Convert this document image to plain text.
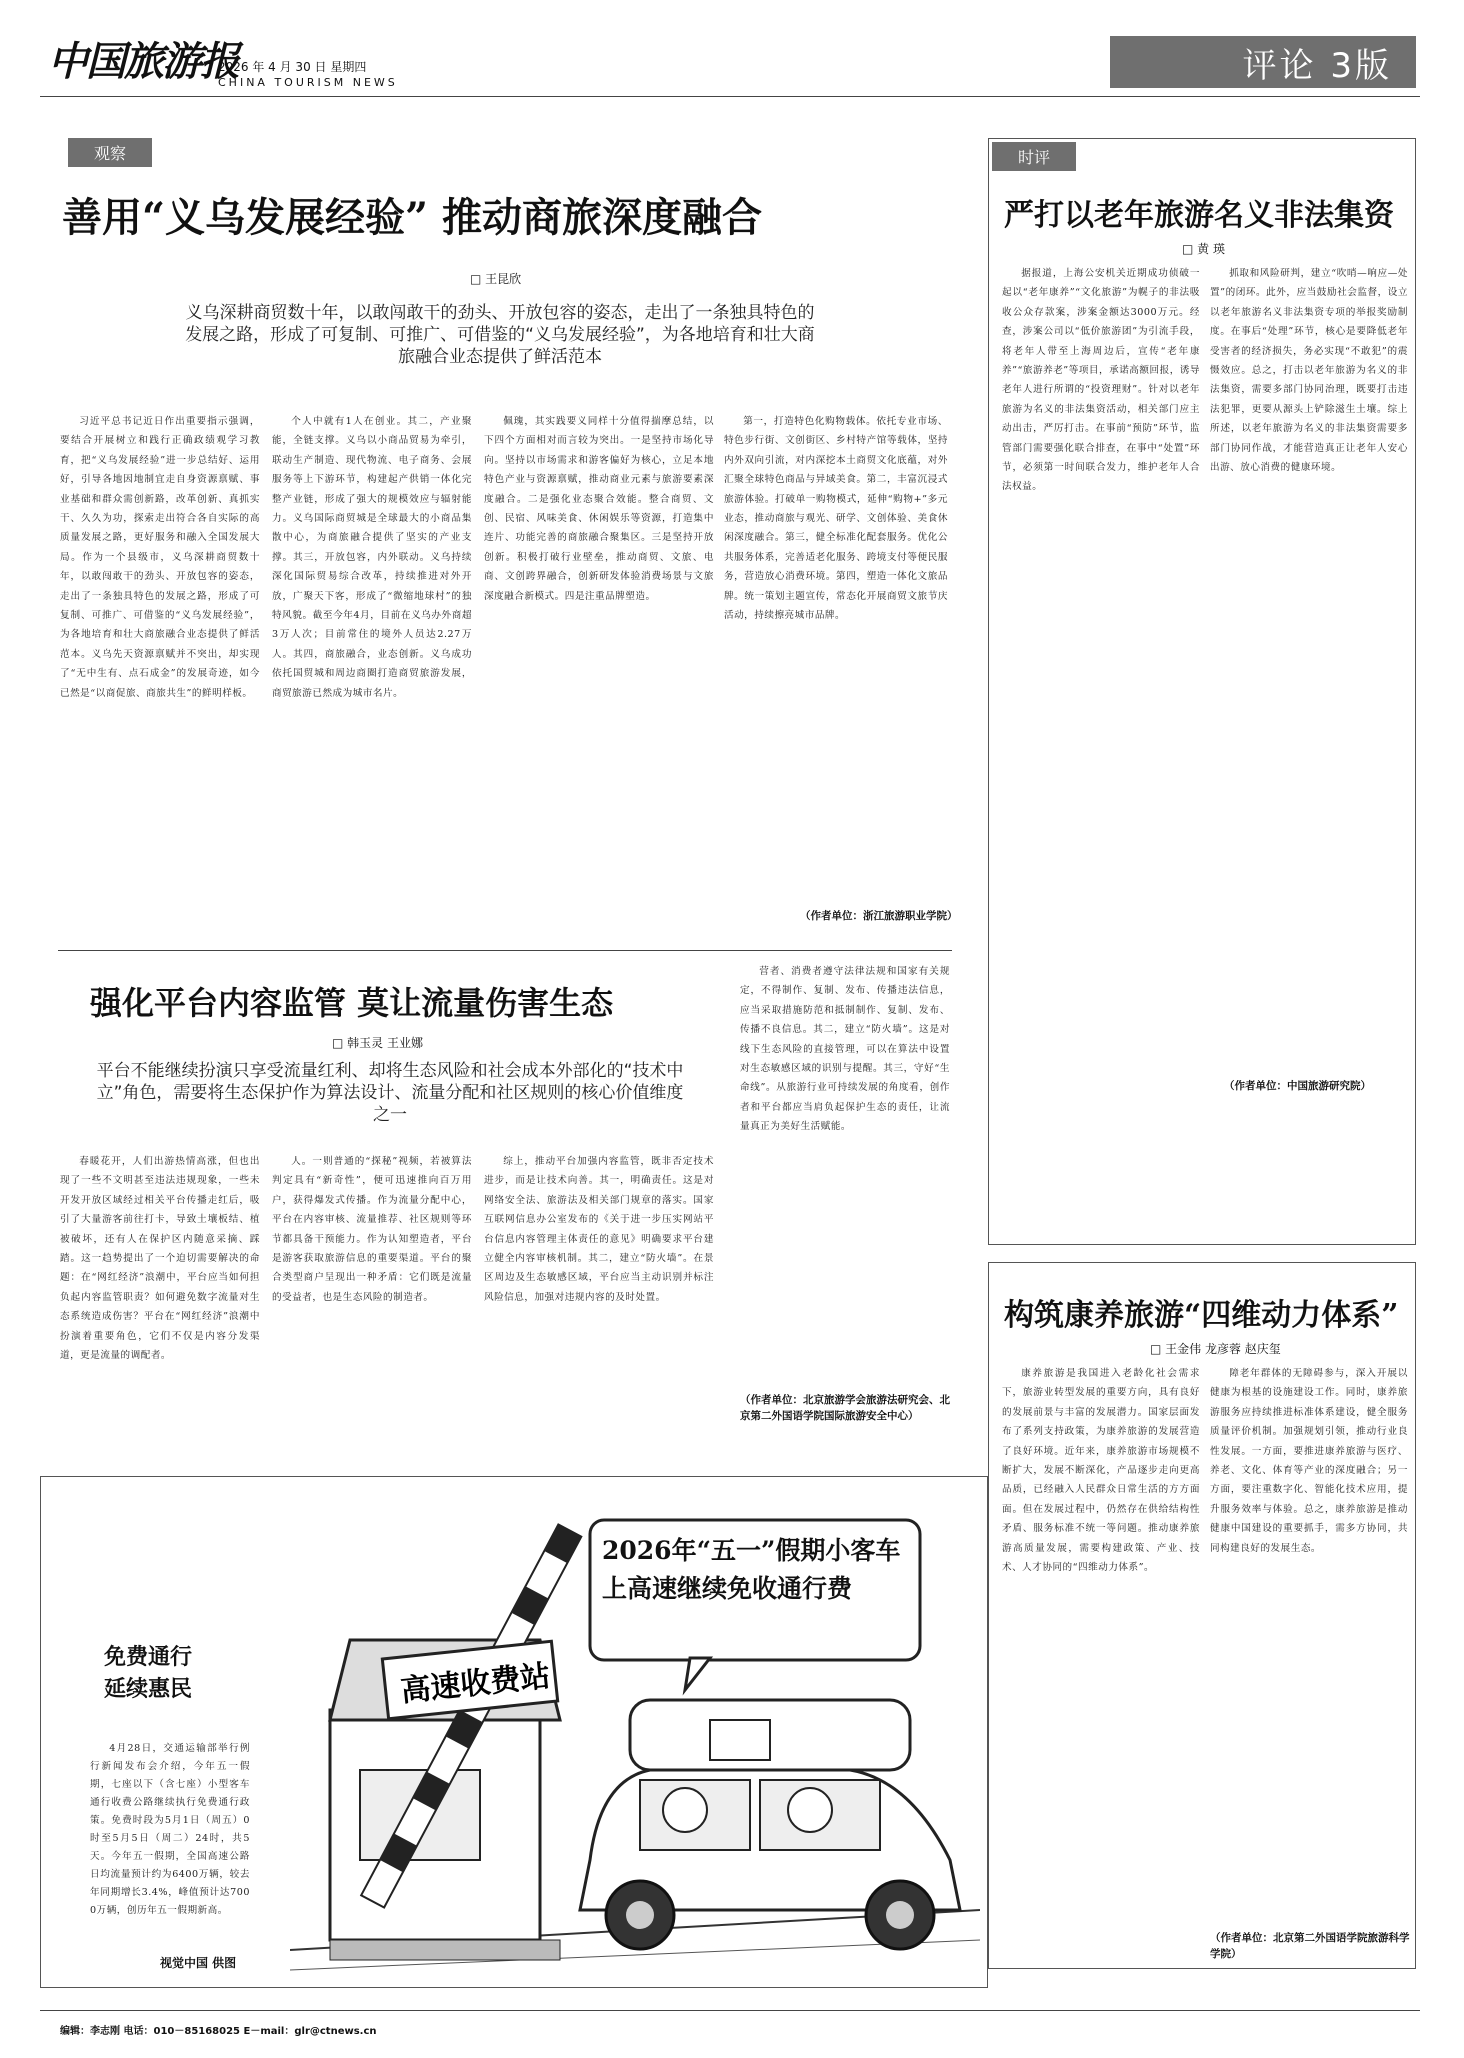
中国旅游报
2026 年 4 月 30 日 星期四
CHINA TOURISM NEWS	评论 3版
观察
善用“义乌发展经验” 推动商旅深度融合
□ 王昆欣
义乌深耕商贸数十年，以敢闯敢干的劲头、开放包容的姿态，走出了一条独具特色的发展之路，形成了可复制、可推广、可借鉴的“义乌发展经验”，为各地培育和壮大商旅融合业态提供了鲜活范本

习近平总书记近日作出重要指示强调，要结合开展树立和践行正确政绩观学习教育，把“义乌发展经验”进一步总结好、运用好，引导各地因地制宜走自身资源禀赋、事业基础和群众需创新路，改革创新、真抓实干、久久为功，探索走出符合各自实际的高质量发展之路，更好服务和融入全国发展大局。作为一个县级市，义乌深耕商贸数十年，以敢闯敢干的劲头、开放包容的姿态，走出了一条独具特色的发展之路，形成了可复制、可推广、可借鉴的“义乌发展经验”，为各地培育和壮大商旅融合业态提供了鲜活范本。义乌先天资源禀赋并不突出，却实现了“无中生有、点石成金”的发展奇迹，如今已然是“以商促旅、商旅共生”的鲜明样板。

个人中就有1人在创业。其二，产业聚能，全链支撑。义乌以小商品贸易为牵引，联动生产制造、现代物流、电子商务、会展服务等上下游环节，构建起产供销一体化完整产业链，形成了强大的规模效应与辐射能力。义乌国际商贸城是全球最大的小商品集散中心，为商旅融合提供了坚实的产业支撑。其三，开放包容，内外联动。义乌持续深化国际贸易综合改革，持续推进对外开放，广聚天下客，形成了“微缩地球村”的独特风貌。截至今年4月，目前在义乌办外商超3万人次；目前常住的境外人员达2.27万人。其四，商旅融合，业态创新。义乌成功依托国贸城和周边商圈打造商贸旅游发展，商贸旅游已然成为城市名片。

佩瑰，其实践要义同样十分值得揣摩总结，以下四个方面相对而言较为突出。一是坚持市场化导向。坚持以市场需求和游客偏好为核心，立足本地特色产业与资源禀赋，推动商业元素与旅游要素深度融合。二是强化业态聚合效能。整合商贸、文创、民宿、风味美食、休闲娱乐等资源，打造集中连片、功能完善的商旅融合聚集区。三是坚持开放创新。积极打破行业壁垒，推动商贸、文旅、电商、文创跨界融合，创新研发体验消费场景与文旅深度融合新模式。四是注重品牌塑造。

第一，打造特色化购物载体。依托专业市场、特色步行街、文创街区、乡村特产馆等载体，坚持内外双向引流，对内深挖本土商贸文化底蕴，对外汇聚全球特色商品与异域美食。第二，丰富沉浸式旅游体验。打破单一购物模式，延伸“购物+”多元业态，推动商旅与观光、研学、文创体验、美食休闲深度融合。第三，健全标准化配套服务。优化公共服务体系，完善适老化服务、跨境支付等便民服务，营造放心消费环境。第四，塑造一体化文旅品牌。统一策划主题宣传，常态化开展商贸文旅节庆活动，持续擦亮城市品牌。

（作者单位：浙江旅游职业学院）
时评
严打以老年旅游名义非法集资
□ 黄 瑛

据报道，上海公安机关近期成功侦破一起以“老年康养”“文化旅游”为幌子的非法吸收公众存款案，涉案金额达3000万元。经查，涉案公司以“低价旅游团”为引流手段，将老年人带至上海周边后，宣传“老年康养”“旅游养老”等项目，承诺高额回报，诱导老年人进行所谓的“投资理财”。针对以老年旅游为名义的非法集资活动，相关部门应主动出击，严厉打击。在事前“预防”环节，监管部门需要强化联合排查，在事中“处置”环节，必须第一时间联合发力，维护老年人合法权益。

抓取和风险研判，建立“吹哨—响应—处置”的闭环。此外，应当鼓励社会监督，设立以老年旅游名义非法集资专项的举报奖励制度。在事后“处理”环节，核心是要降低老年受害者的经济损失，务必实现“不敢犯”的震慑效应。总之，打击以老年旅游为名义的非法集资，需要多部门协同治理，既要打击违法犯罪，更要从源头上铲除滋生土壤。综上所述，以老年旅游为名义的非法集资需要多部门协同作战，才能营造真正让老年人安心出游、放心消费的健康环境。

（作者单位：中国旅游研究院）
强化平台内容监管 莫让流量伤害生态
□ 韩玉灵 王业娜
平台不能继续扮演只享受流量红利、却将生态风险和社会成本外部化的“技术中立”角色，需要将生态保护作为算法设计、流量分配和社区规则的核心价值维度之一

春暖花开，人们出游热情高涨，但也出现了一些不文明甚至违法违规现象，一些未开发开放区域经过相关平台传播走红后，吸引了大量游客前往打卡，导致土壤板结、植被破坏，还有人在保护区内随意采摘、踩踏。这一趋势提出了一个迫切需要解决的命题：在“网红经济”浪潮中，平台应当如何担负起内容监管职责？如何避免数字流量对生态系统造成伤害？平台在“网红经济”浪潮中扮演着重要角色，它们不仅是内容分发渠道，更是流量的调配者。

人。一则普通的“探秘”视频，若被算法判定具有“新奇性”，便可迅速推向百万用户，获得爆发式传播。作为流量分配中心，平台在内容审核、流量推荐、社区规则等环节都具备干预能力。作为认知塑造者，平台是游客获取旅游信息的重要渠道。平台的聚合类型商户呈现出一种矛盾：它们既是流量的受益者，也是生态风险的制造者。

综上，推动平台加强内容监管，既非否定技术进步，而是让技术向善。其一，明确责任。这是对网络安全法、旅游法及相关部门规章的落实。国家互联网信息办公室发布的《关于进一步压实网站平台信息内容管理主体责任的意见》明确要求平台建立健全内容审核机制。其二，建立“防火墙”。在景区周边及生态敏感区域，平台应当主动识别并标注风险信息，加强对违规内容的及时处置。

营者、消费者遵守法律法规和国家有关规定，不得制作、复制、发布、传播违法信息，应当采取措施防范和抵制制作、复制、发布、传播不良信息。其二，建立“防火墙”。这是对线下生态风险的直接管理，可以在算法中设置对生态敏感区域的识别与提醒。其三，守好“生命线”。从旅游行业可持续发展的角度看，创作者和平台都应当肩负起保护生态的责任，让流量真正为美好生活赋能。

（作者单位：北京旅游学会旅游法研究会、北京第二外国语学院国际旅游安全中心）
构筑康养旅游“四维动力体系”
□ 王金伟 龙彦蓉 赵庆玺

康养旅游是我国进入老龄化社会需求下，旅游业转型发展的重要方向，具有良好的发展前景与丰富的发展潜力。国家层面发布了系列支持政策，为康养旅游的发展营造了良好环境。近年来，康养旅游市场规模不断扩大，发展不断深化，产品逐步走向更高品质，已经融入人民群众日常生活的方方面面。但在发展过程中，仍然存在供给结构性矛盾、服务标准不统一等问题。推动康养旅游高质量发展，需要构建政策、产业、技术、人才协同的“四维动力体系”。

障老年群体的无障碍参与，深入开展以健康为根基的设施建设工作。同时，康养旅游服务应持续推进标准体系建设，健全服务质量评价机制。加强规划引领，推动行业良性发展。一方面，要推进康养旅游与医疗、养老、文化、体育等产业的深度融合；另一方面，要注重数字化、智能化技术应用，提升服务效率与体验。总之，康养旅游是推动健康中国建设的重要抓手，需多方协同，共同构建良好的发展生态。

（作者单位：北京第二外国语学院旅游科学学院）
免费通行
延续惠民

4月28日，交通运输部举行例行新闻发布会介绍，今年五一假期，七座以下（含七座）小型客车通行收费公路继续执行免费通行政策。免费时段为5月1日（周五）0时至5月5日（周二）24时，共5天。今年五一假期，全国高速公路日均流量预计约为6400万辆，较去年同期增长3.4%，峰值预计达7000万辆，创历年五一假期新高。

视觉中国 供图
高速收费站
2026年“五一”假期小客车上高速继续免收通行费
编辑：李志刚 电话：010－85168025 E－mail：glr@ctnews.cn
